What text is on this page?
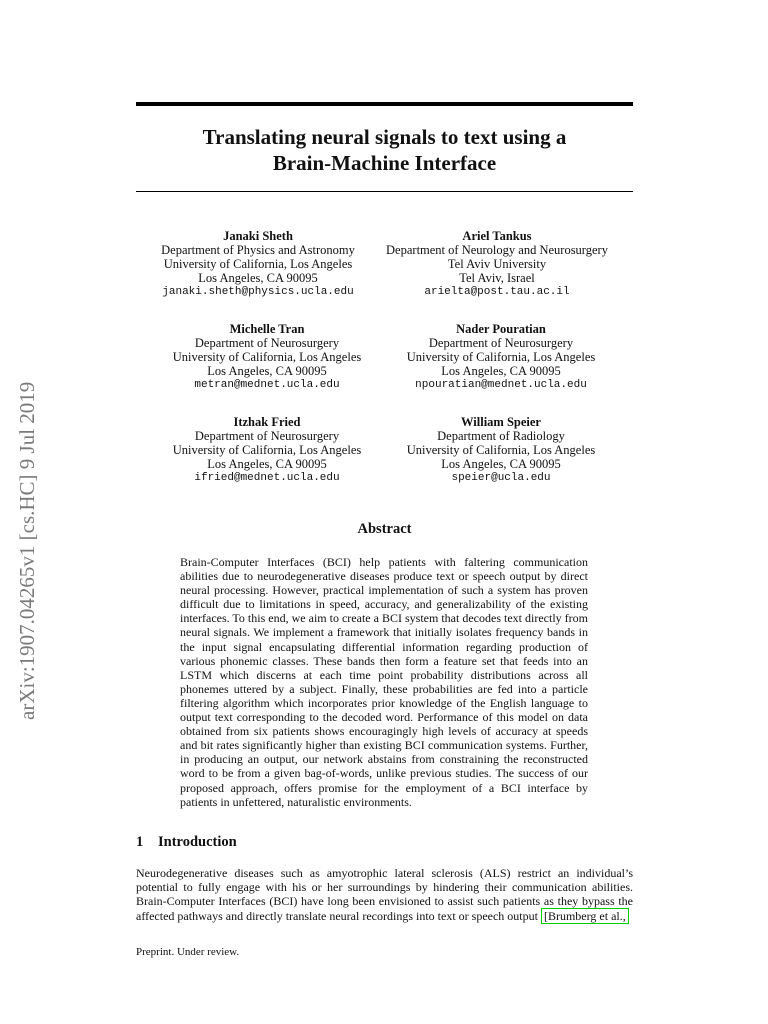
arXiv:1907.04265v1 [cs.HC] 9 Jul 2019
Translating neural signals to text using a
Brain-Machine Interface
Janaki Sheth
Department of Physics and Astronomy
University of California, Los Angeles
Los Angeles, CA 90095
janaki.sheth@physics.ucla.edu
Ariel Tankus
Department of Neurology and Neurosurgery
Tel Aviv University
Tel Aviv, Israel
arielta@post.tau.ac.il
Michelle Tran
Department of Neurosurgery
University of California, Los Angeles
Los Angeles, CA 90095
metran@mednet.ucla.edu
Nader Pouratian
Department of Neurosurgery
University of California, Los Angeles
Los Angeles, CA 90095
npouratian@mednet.ucla.edu
Itzhak Fried
Department of Neurosurgery
University of California, Los Angeles
Los Angeles, CA 90095
ifried@mednet.ucla.edu
William Speier
Department of Radiology
University of California, Los Angeles
Los Angeles, CA 90095
speier@ucla.edu
Abstract
Brain-Computer Interfaces (BCI) help patients with faltering communication abilities due to neurodegenerative diseases produce text or speech output by direct neural processing. However, practical implementation of such a system has proven difficult due to limitations in speed, accuracy, and generalizability of the existing interfaces. To this end, we aim to create a BCI system that decodes text directly from neural signals. We implement a framework that initially isolates frequency bands in the input signal encapsulating differential information regarding production of various phonemic classes. These bands then form a feature set that feeds into an LSTM which discerns at each time point probability distributions across all phonemes uttered by a subject. Finally, these probabilities are fed into a particle filtering algorithm which incorporates prior knowledge of the English language to output text corresponding to the decoded word. Performance of this model on data obtained from six patients shows encouragingly high levels of accuracy at speeds and bit rates significantly higher than existing BCI communication systems. Further, in producing an output, our network abstains from constraining the reconstructed word to be from a given bag-of-words, unlike previous studies. The success of our proposed approach, offers promise for the employment of a BCI interface by patients in unfettered, naturalistic environments.
1 Introduction
Neurodegenerative diseases such as amyotrophic lateral sclerosis (ALS) restrict an individual’s potential to fully engage with his or her surroundings by hindering their communication abilities. Brain-Computer Interfaces (BCI) have long been envisioned to assist such patients as they bypass the affected pathways and directly translate neural recordings into text or speech output [Brumberg et al.,
Preprint. Under review.
